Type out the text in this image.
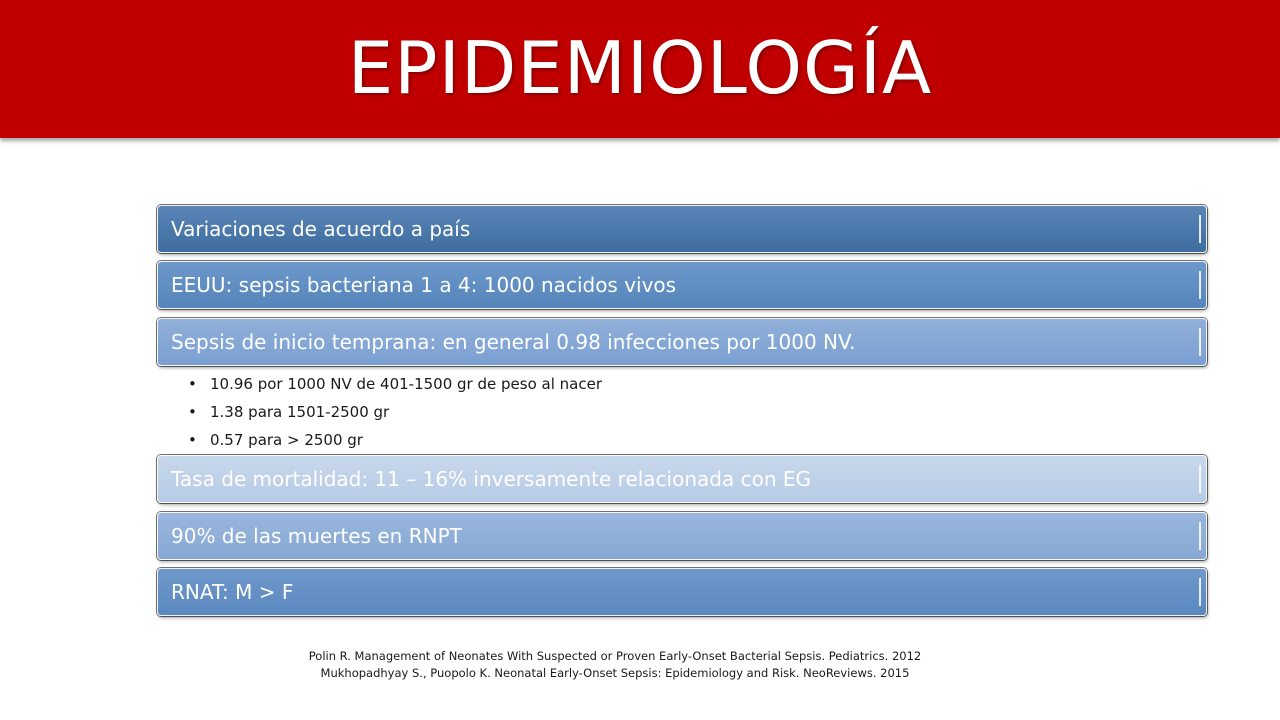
EPIDEMIOLOGÍA
Variaciones de acuerdo a país
EEUU: sepsis bacteriana 1 a 4: 1000 nacidos vivos
Sepsis de inicio temprana: en general 0.98 infecciones por 1000 NV.
• 10.96 por 1000 NV de 401-1500 gr de peso al nacer
• 1.38 para 1501-2500 gr
• 0.57 para > 2500 gr
Tasa de mortalidad: 11 – 16% inversamente relacionada con EG
90% de las muertes en RNPT
RNAT: M > F
Polin R. Management of Neonates With Suspected or Proven Early-Onset Bacterial Sepsis. Pediatrics. 2012
Mukhopadhyay S., Puopolo K. Neonatal Early-Onset Sepsis: Epidemiology and Risk. NeoReviews. 2015
